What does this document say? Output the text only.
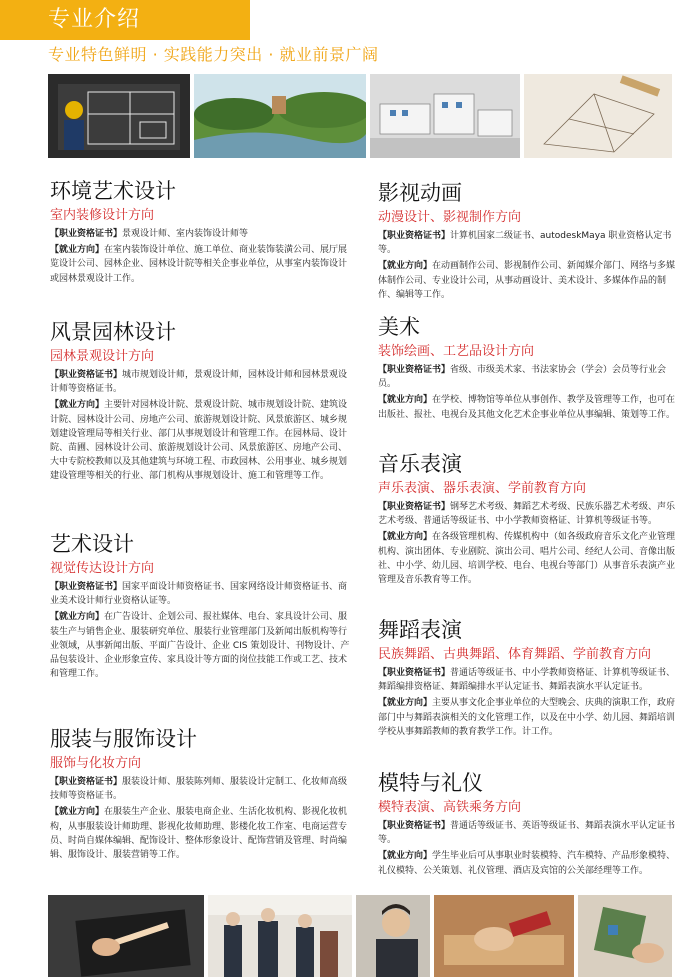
专业介绍
专业特色鲜明 · 实践能力突出 · 就业前景广阔
环境艺术设计
室内装修设计方向

【职业资格证书】景观设计师、室内装饰设计师等

【就业方向】在室内装饰设计单位、施工单位、商业装饰装潢公司、展厅展览设计公司、园林企业、园林设计院等相关企事业单位，从事室内装饰设计或园林景观设计工作。

风景园林设计
园林景观设计方向

【职业资格证书】城市规划设计师，景观设计师，园林设计师和园林景观设计师等资格证书。

【就业方向】主要针对园林设计院、景观设计院、城市规划设计院、建筑设计院、园林设计公司、房地产公司、旅游规划设计院、风景旅游区、城乡规划建设管理局等相关行业、部门从事规划设计和管理工作。在园林局、设计院、苗圃、园林设计公司、旅游规划设计公司、风景旅游区、房地产公司、大中专院校教师以及其他建筑与环境工程、市政园林、公用事业、城乡规划建设管理等相关的行业、部门机构从事规划设计、施工和管理等工作。

艺术设计
视觉传达设计方向

【职业资格证书】国家平面设计师资格证书、国家网络设计师资格证书、商业美术设计师行业资格认证等。

【就业方向】在广告设计、企划公司、报社媒体、电台、家具设计公司、服装生产与销售企业、服装研究单位、服装行业管理部门及新闻出版机构等行业领域，从事新闻出版、平面广告设计、企业 CIS 策划设计、刊物设计、产品包装设计、企业形象宣传、家具设计等方面的岗位技能工作或工艺、技术和管理工作。

服装与服饰设计
服饰与化妆方向

【职业资格证书】服装设计师、服装陈列师、服装设计定制工、化妆师高级技师等资格证书。

【就业方向】在服装生产企业、服装电商企业、生活化妆机构、影视化妆机构，从事服装设计师助理、影视化妆师助理、影楼化妆工作室、电商运营专员、时尚自媒体编辑、配饰设计、整体形象设计、配饰营销及管理、时尚编辑、服饰设计、服装营销等工作。

影视动画
动漫设计、影视制作方向

【职业资格证书】计算机国家二级证书、autodeskMaya 职业资格认定书等。

【就业方向】在动画制作公司、影视制作公司、新闻媒介部门、网络与多媒体制作公司、专业设计公司，从事动画设计、美术设计、多媒体作品的制作、编辑等工作。

美术
装饰绘画、工艺品设计方向

【职业资格证书】省级、市级美术家、书法家协会（学会）会员等行业会员。

【就业方向】在学校、博物馆等单位从事创作、教学及管理等工作，也可在出版社、报社、电视台及其他文化艺术企事业单位从事编辑、策划等工作。

音乐表演
声乐表演、器乐表演、学前教育方向

【职业资格证书】钢琴艺术考级、舞蹈艺术考级、民族乐器艺术考级、声乐艺术考级、普通话等级证书、中小学教师资格证、计算机等级证书等。

【就业方向】在各级管理机构、传媒机构中（如各级政府音乐文化产业管理机构、演出团体、专业剧院、演出公司、唱片公司、经纪人公司、音像出版社、中小学、幼儿园、培训学校、电台、电视台等部门）从事音乐表演产业管理及音乐教育等工作。

舞蹈表演
民族舞蹈、古典舞蹈、体育舞蹈、学前教育方向

【职业资格证书】普通话等级证书、中小学教师资格证、计算机等级证书、舞蹈编排资格证、舞蹈编排水平认定证书、舞蹈表演水平认定证书。

【就业方向】主要从事文化企事业单位的大型晚会、庆典的演职工作，政府部门中与舞蹈表演相关的文化管理工作，以及在中小学、幼儿园、舞蹈培训学校从事舞蹈教师的教育教学工作。计工作。

模特与礼仪
模特表演、高铁乘务方向

【职业资格证书】普通话等级证书、英语等级证书、舞蹈表演水平认定证书等。

【就业方向】学生毕业后可从事职业时装模特、汽车模特、产品形象模特、礼仪模特、公关策划、礼仪管理、酒店及宾馆的公关部经理等工作。
